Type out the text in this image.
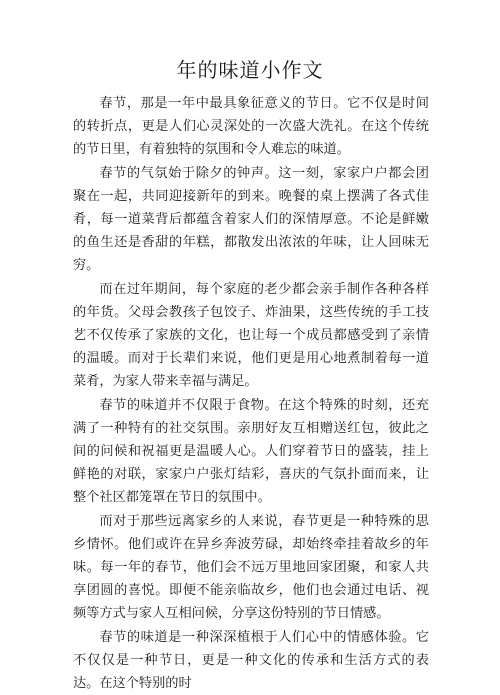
年的味道小作文

春节，那是一年中最具象征意义的节日。它不仅是时间的转折点，更是人们心灵深处的一次盛大洗礼。在这个传统的节日里，有着独特的氛围和令人难忘的味道。

春节的气氛始于除夕的钟声。这一刻，家家户户都会团聚在一起，共同迎接新年的到来。晚餐的桌上摆满了各式佳肴，每一道菜背后都蕴含着家人们的深情厚意。不论是鲜嫩的鱼生还是香甜的年糕，都散发出浓浓的年味，让人回味无穷。

而在过年期间，每个家庭的老少都会亲手制作各种各样的年货。父母会教孩子包饺子、炸油果，这些传统的手工技艺不仅传承了家族的文化，也让每一个成员都感受到了亲情的温暖。而对于长辈们来说，他们更是用心地煮制着每一道菜肴，为家人带来幸福与满足。

春节的味道并不仅限于食物。在这个特殊的时刻，还充满了一种特有的社交氛围。亲朋好友互相赠送红包，彼此之间的问候和祝福更是温暖人心。人们穿着节日的盛装，挂上鲜艳的对联，家家户户张灯结彩，喜庆的气氛扑面而来，让整个社区都笼罩在节日的氛围中。

而对于那些远离家乡的人来说，春节更是一种特殊的思乡情怀。他们或许在异乡奔波劳碌，却始终牵挂着故乡的年味。每一年的春节，他们会不远万里地回家团聚，和家人共享团圆的喜悦。即便不能亲临故乡，他们也会通过电话、视频等方式与家人互相问候，分享这份特别的节日情感。

春节的味道是一种深深植根于人们心中的情感体验。它不仅仅是一种节日，更是一种文化的传承和生活方式的表达。在这个特别的时
